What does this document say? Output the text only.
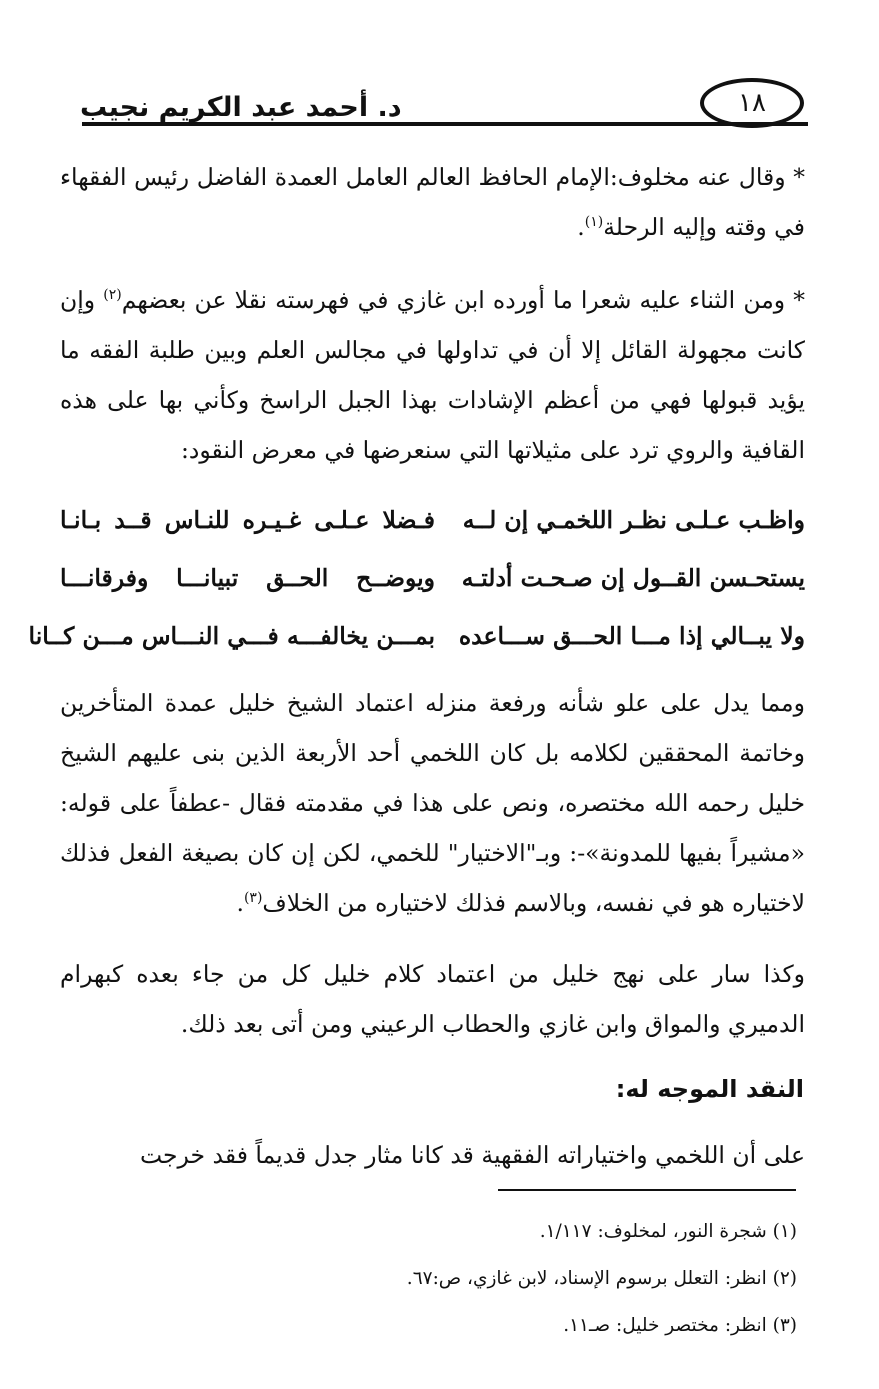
د. أحمد عبد الكريم نجيب	١٨

* وقال عنه مخلوف:الإمام الحافظ العالم العامل العمدة الفاضل رئيس الفقهاء في وقته وإليه الرحلة$^{(١)}$.

* ومن الثناء عليه شعرا ما أورده ابن غازي في فهرسته نقلا عن بعضهم$^{(٢)}$ وإن كانت مجهولة القائل إلا أن في تداولها في مجالس العلم وبين طلبة الفقه ما يؤيد قبولها فهي من أعظم الإشادات بهذا الجبل الراسخ وكأني بها على هذه القافية والروي ترد على مثيلاتها التي سنعرضها في معرض النقود:

واظـب عـلـى نظـر اللخمـي إن لــه
فـضلا عـلـى غـيـره للنـاس قــد بـانـا
يستحـسن القــول إن صـحـت أدلتـه
ويوضــح الحــق تبيانـــا وفرقانـــا
ولا يبــالي إذا مـــا الحـــق ســـاعده
بمـــن يخالفـــه فـــي النـــاس مـــن كــانا

ومما يدل على علو شأنه ورفعة منزله اعتماد الشيخ خليل عمدة المتأخرين وخاتمة المحققين لكلامه بل كان اللخمي أحد الأربعة الذين بنى عليهم الشيخ خليل رحمه الله مختصره، ونص على هذا في مقدمته فقال -عطفاً على قوله: «مشيراً بفيها للمدونة»-: وبـ"الاختيار" للخمي، لكن إن كان بصيغة الفعل فذلك لاختياره هو في نفسه، وبالاسم فذلك لاختياره من الخلاف$^{(٣)}$.

وكذا سار على نهج خليل من اعتماد كلام خليل كل من جاء بعده كبهرام الدميري والمواق وابن غازي والحطاب الرعيني ومن أتى بعد ذلك.

النقد الموجه له:

على أن اللخمي واختياراته الفقهية قد كانا مثار جدل قديماً فقد خرجت

(١) شجرة النور، لمخلوف: ١/١١٧.
(٢) انظر: التعلل برسوم الإسناد، لابن غازي، ص:٦٧.
(٣) انظر: مختصر خليل: صـ١١.
